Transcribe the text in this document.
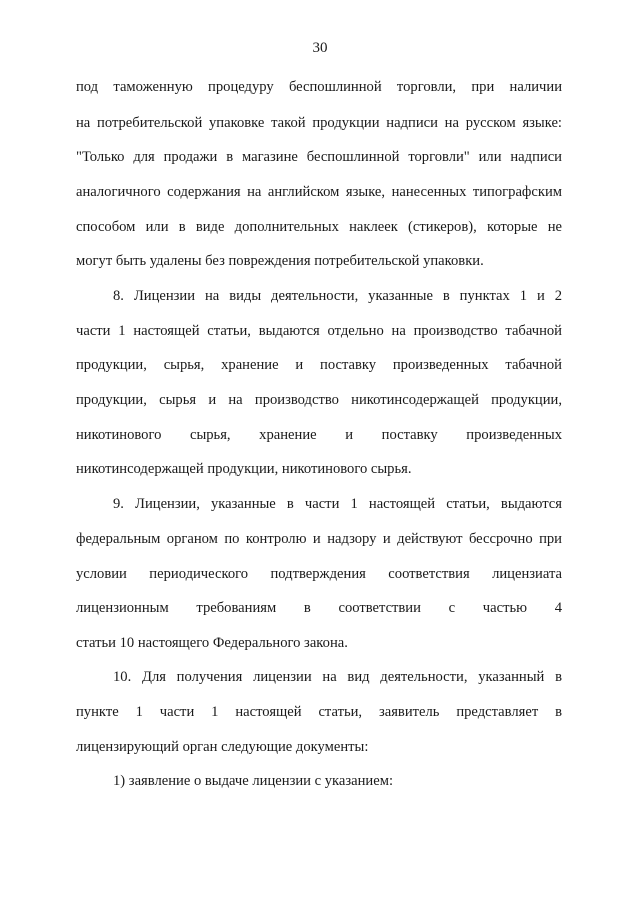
30
под таможенную процедуру беспошлинной торговли, при наличии
на потребительской упаковке такой продукции надписи на русском языке:
"Только для продажи в магазине беспошлинной торговли" или надписи
аналогичного содержания на английском языке, нанесенных типографским
способом или в виде дополнительных наклеек (стикеров), которые не
могут быть удалены без повреждения потребительской упаковки.
8. Лицензии на виды деятельности, указанные в пунктах 1 и 2
части 1 настоящей статьи, выдаются отдельно на производство табачной
продукции, сырья, хранение и поставку произведенных табачной
продукции, сырья и на производство никотинсодержащей продукции,
никотинового сырья, хранение и поставку произведенных
никотинсодержащей продукции, никотинового сырья.
9. Лицензии, указанные в части 1 настоящей статьи, выдаются
федеральным органом по контролю и надзору и действуют бессрочно при
условии периодического подтверждения соответствия лицензиата
лицензионным требованиям в соответствии с частью 4
статьи 10 настоящего Федерального закона.
10. Для получения лицензии на вид деятельности, указанный в
пункте 1 части 1 настоящей статьи, заявитель представляет в
лицензирующий орган следующие документы:
1) заявление о выдаче лицензии с указанием:
